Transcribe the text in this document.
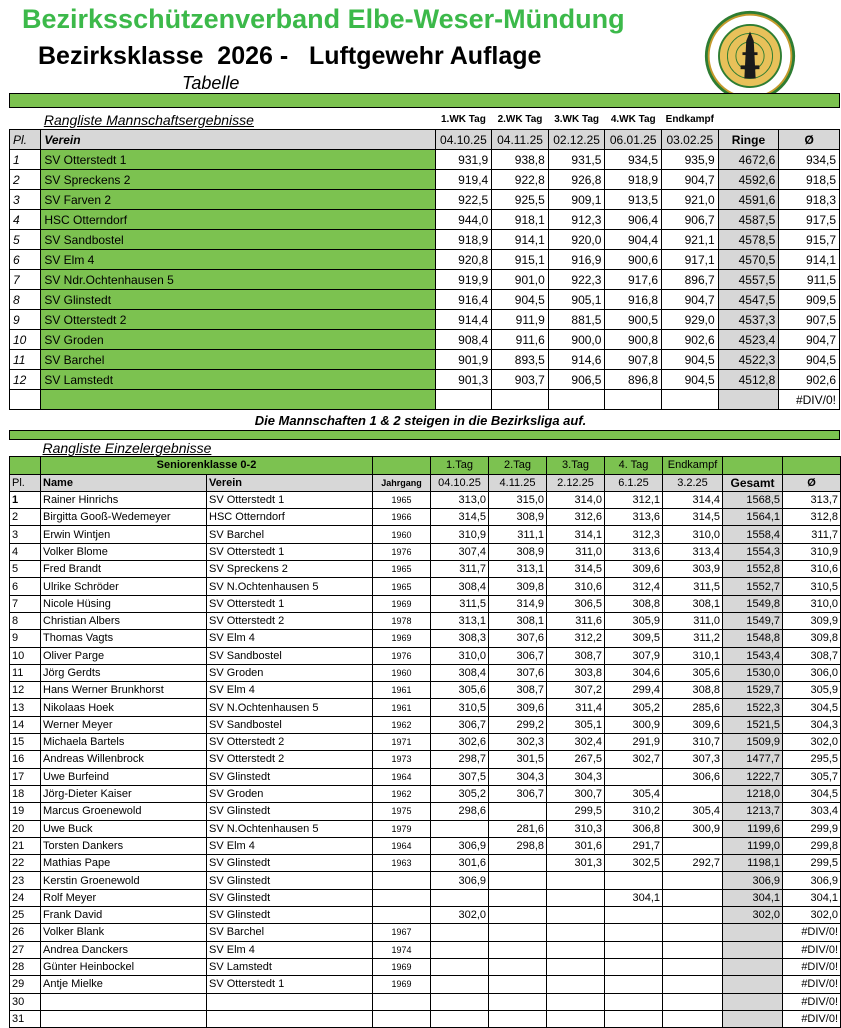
Bezirksschützenverband Elbe-Weser-Mündung
Bezirksklasse  2026 -   Luftgewehr Auflage
Tabelle
	Rangliste Mannschaftsergebnisse	1.WK Tag	2.WK Tag	3.WK Tag	4.WK Tag	Endkampf		
Pl.	Verein	04.10.25	04.11.25	02.12.25	06.01.25	03.02.25	Ringe	Ø
1	SV Otterstedt 1	931,9	938,8	931,5	934,5	935,9	4672,6	934,5
2	SV Spreckens 2	919,4	922,8	926,8	918,9	904,7	4592,6	918,5
3	SV Farven 2	922,5	925,5	909,1	913,5	921,0	4591,6	918,3
4	HSC Otterndorf	944,0	918,1	912,3	906,4	906,7	4587,5	917,5
5	SV Sandbostel	918,9	914,1	920,0	904,4	921,1	4578,5	915,7
6	SV Elm 4	920,8	915,1	916,9	900,6	917,1	4570,5	914,1
7	SV Ndr.Ochtenhausen 5	919,9	901,0	922,3	917,6	896,7	4557,5	911,5
8	SV Glinstedt	916,4	904,5	905,1	916,8	904,7	4547,5	909,5
9	SV Otterstedt 2	914,4	911,9	881,5	900,5	929,0	4537,3	907,5
10	SV Groden	908,4	911,6	900,0	900,8	902,6	4523,4	904,7
11	SV Barchel	901,9	893,5	914,6	907,8	904,5	4522,3	904,5
12	SV Lamstedt	901,3	903,7	906,5	896,8	904,5	4512,8	902,6
								#DIV/0!
Die Mannschaften 1 & 2 steigen in die Bezirksliga auf.
	Rangliste Einzelergebnisse									
	Seniorenklasse 0-2			1.Tag	2.Tag	3.Tag	4. Tag	Endkampf		
Pl.	Name	Verein	Jahrgang	04.10.25	4.11.25	2.12.25	6.1.25	3.2.25	Gesamt	Ø
1	Rainer Hinrichs	SV Otterstedt 1	1965	313,0	315,0	314,0	312,1	314,4	1568,5	313,7
2	Birgitta Gooß-Wedemeyer	HSC Otterndorf	1966	314,5	308,9	312,6	313,6	314,5	1564,1	312,8
3	Erwin Wintjen	SV Barchel	1960	310,9	311,1	314,1	312,3	310,0	1558,4	311,7
4	Volker Blome	SV Otterstedt 1	1976	307,4	308,9	311,0	313,6	313,4	1554,3	310,9
5	Fred Brandt	SV Spreckens 2	1965	311,7	313,1	314,5	309,6	303,9	1552,8	310,6
6	Ulrike Schröder	SV N.Ochtenhausen 5	1965	308,4	309,8	310,6	312,4	311,5	1552,7	310,5
7	Nicole Hüsing	SV Otterstedt 1	1969	311,5	314,9	306,5	308,8	308,1	1549,8	310,0
8	Christian Albers	SV Otterstedt 2	1978	313,1	308,1	311,6	305,9	311,0	1549,7	309,9
9	Thomas Vagts	SV Elm 4	1969	308,3	307,6	312,2	309,5	311,2	1548,8	309,8
10	Oliver Parge	SV Sandbostel	1976	310,0	306,7	308,7	307,9	310,1	1543,4	308,7
11	Jörg Gerdts	SV Groden	1960	308,4	307,6	303,8	304,6	305,6	1530,0	306,0
12	Hans Werner Brunkhorst	SV Elm 4	1961	305,6	308,7	307,2	299,4	308,8	1529,7	305,9
13	Nikolaas Hoek	SV N.Ochtenhausen 5	1961	310,5	309,6	311,4	305,2	285,6	1522,3	304,5
14	Werner Meyer	SV Sandbostel	1962	306,7	299,2	305,1	300,9	309,6	1521,5	304,3
15	Michaela Bartels	SV Otterstedt 2	1971	302,6	302,3	302,4	291,9	310,7	1509,9	302,0
16	Andreas Willenbrock	SV Otterstedt 2	1973	298,7	301,5	267,5	302,7	307,3	1477,7	295,5
17	Uwe Burfeind	SV Glinstedt	1964	307,5	304,3	304,3		306,6	1222,7	305,7
18	Jörg-Dieter Kaiser	SV Groden	1962	305,2	306,7	300,7	305,4		1218,0	304,5
19	Marcus Groenewold	SV Glinstedt	1975	298,6		299,5	310,2	305,4	1213,7	303,4
20	Uwe Buck	SV N.Ochtenhausen 5	1979		281,6	310,3	306,8	300,9	1199,6	299,9
21	Torsten Dankers	SV Elm 4	1964	306,9	298,8	301,6	291,7		1199,0	299,8
22	Mathias Pape	SV Glinstedt	1963	301,6		301,3	302,5	292,7	1198,1	299,5
23	Kerstin Groenewold	SV Glinstedt		306,9					306,9	306,9
24	Rolf Meyer	SV Glinstedt					304,1		304,1	304,1
25	Frank David	SV Glinstedt		302,0					302,0	302,0
26	Volker Blank	SV Barchel	1967							#DIV/0!
27	Andrea Danckers	SV Elm 4	1974							#DIV/0!
28	Günter Heinbockel	SV Lamstedt	1969							#DIV/0!
29	Antje Mielke	SV Otterstedt 1	1969							#DIV/0!
30										#DIV/0!
31										#DIV/0!
